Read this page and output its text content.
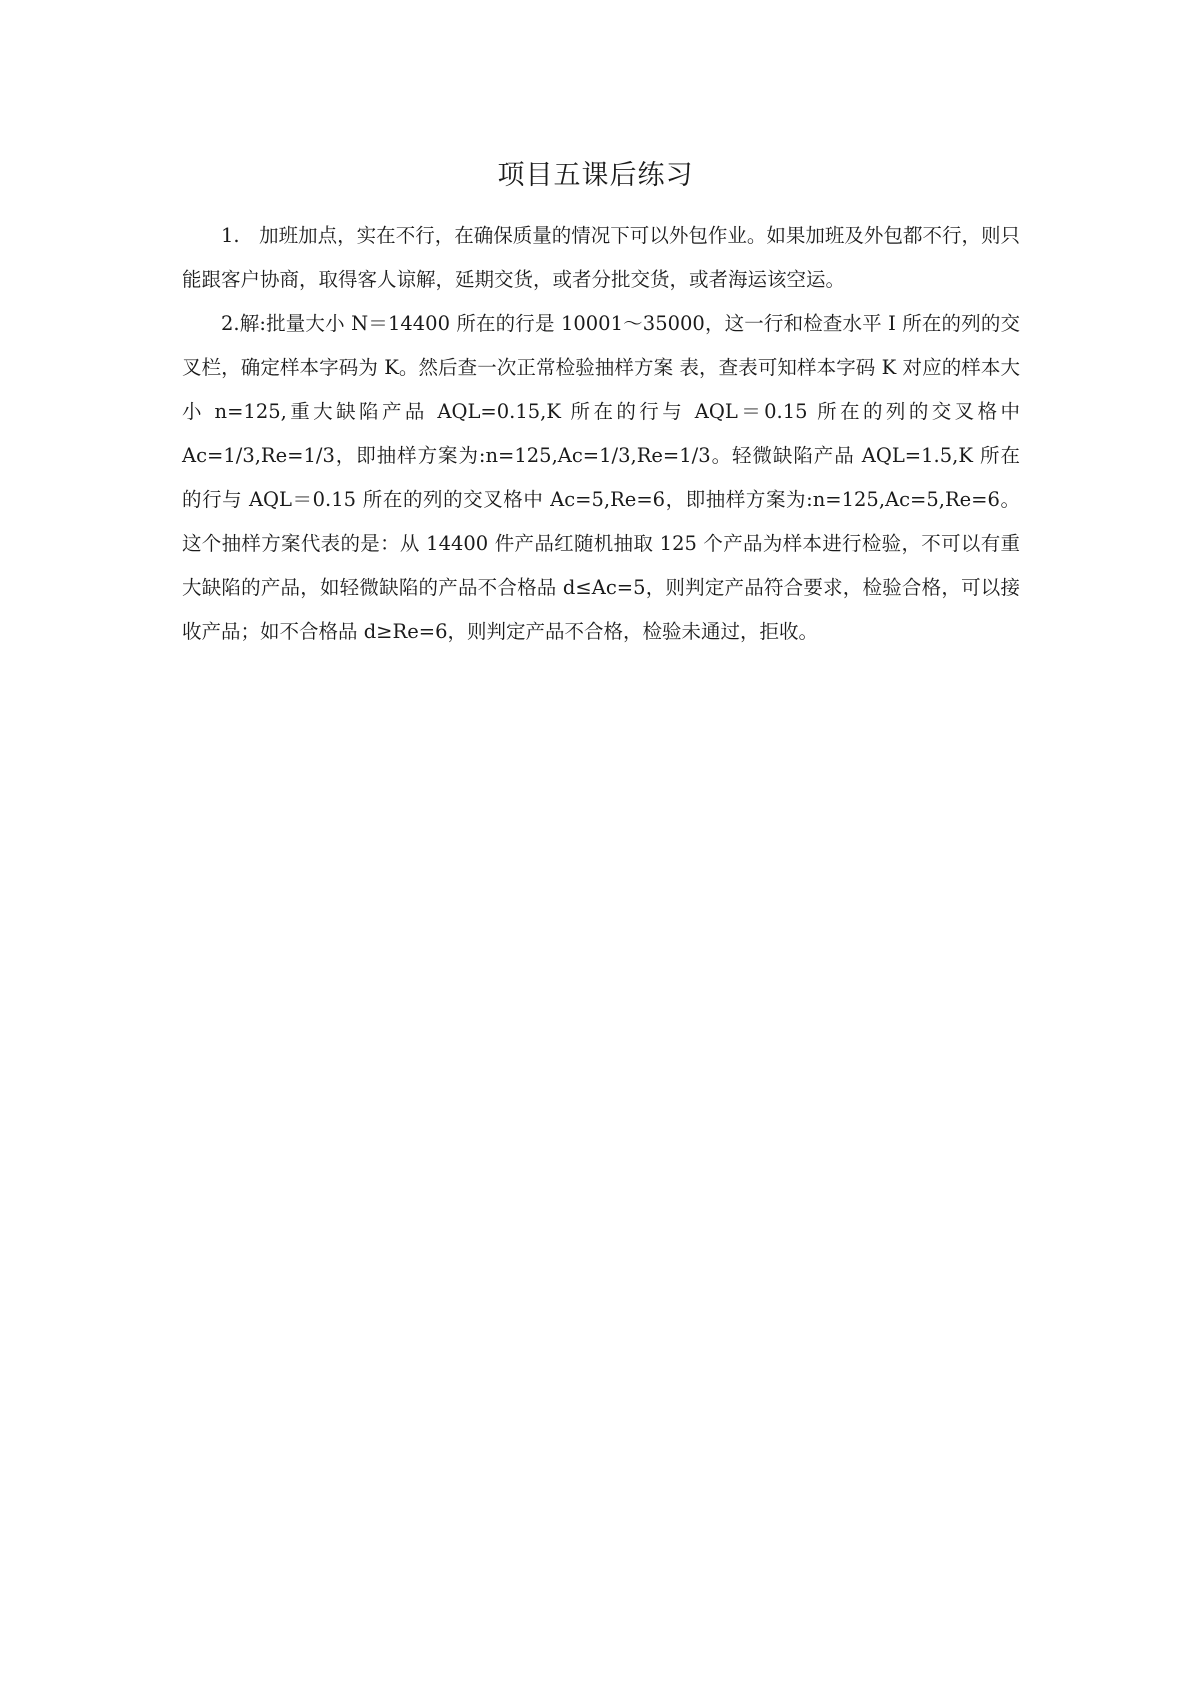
项目五课后练习

1.　加班加点，实在不行，在确保质量的情况下可以外包作业。如果加班及外包都不行，则只能跟客户协商，取得客人谅解，延期交货，或者分批交货，或者海运该空运。

2.解:批量大小 N＝14400 所在的行是 10001～35000，这一行和检查水平 I 所在的列的交叉栏，确定样本字码为 K。然后查一次正常检验抽样方案 表，查表可知样本字码 K 对应的样本大小 n=125,重大缺陷产品 AQL=0.15,K 所在的行与 AQL＝0.15 所在的列的交叉格中 Ac=1/3,Re=1/3，即抽样方案为:n=125,Ac=1/3,Re=1/3。轻微缺陷产品 AQL=1.5,K 所在的行与 AQL＝0.15 所在的列的交叉格中 Ac=5,Re=6，即抽样方案为:n=125,Ac=5,Re=6。这个抽样方案代表的是：从 14400 件产品红随机抽取 125 个产品为样本进行检验，不可以有重大缺陷的产品，如轻微缺陷的产品不合格品 d≤Ac=5，则判定产品符合要求，检验合格，可以接收产品；如不合格品 d≥Re=6，则判定产品不合格，检验未通过，拒收。
